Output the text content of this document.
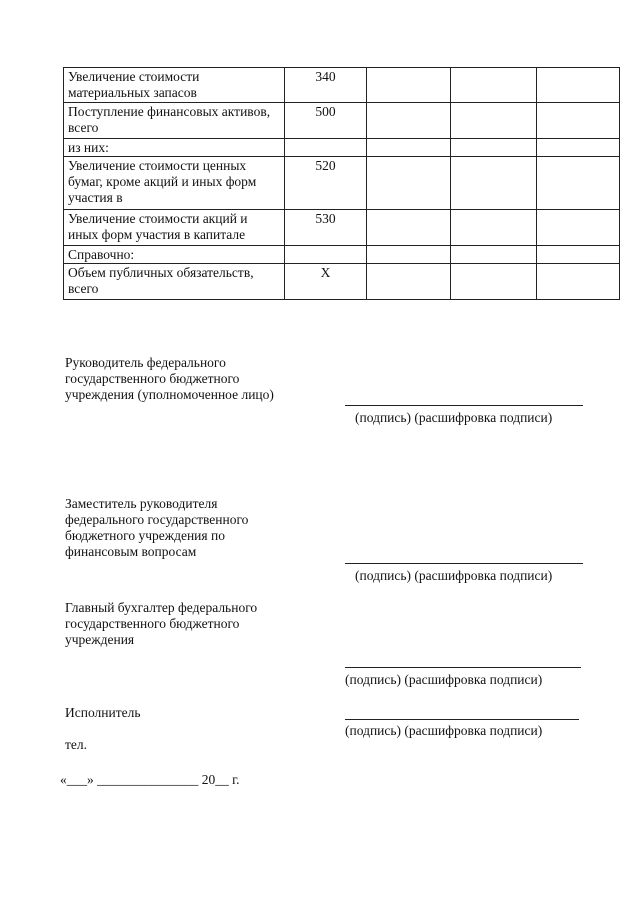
Увеличение стоимости материальных запасов	340			
Поступление финансовых активов, всего	500			
из них:				
Увеличение стоимости ценных бумаг, кроме акций и иных форм участия в	520			
Увеличение стоимости акций и иных форм участия в капитале	530			
Справочно:				
Объем публичных обязательств, всего	X			
Руководитель федерального государственного бюджетного учреждения (уполномоченное лицо)
(подпись) (расшифровка подписи)
Заместитель руководителя федерального государственного бюджетного учреждения по финансовым вопросам
(подпись) (расшифровка подписи)
Главный бухгалтер федерального государственного бюджетного учреждения
(подпись) (расшифровка подписи)
Исполнитель
(подпись) (расшифровка подписи)
тел.
«___» _______________ 20__ г.
